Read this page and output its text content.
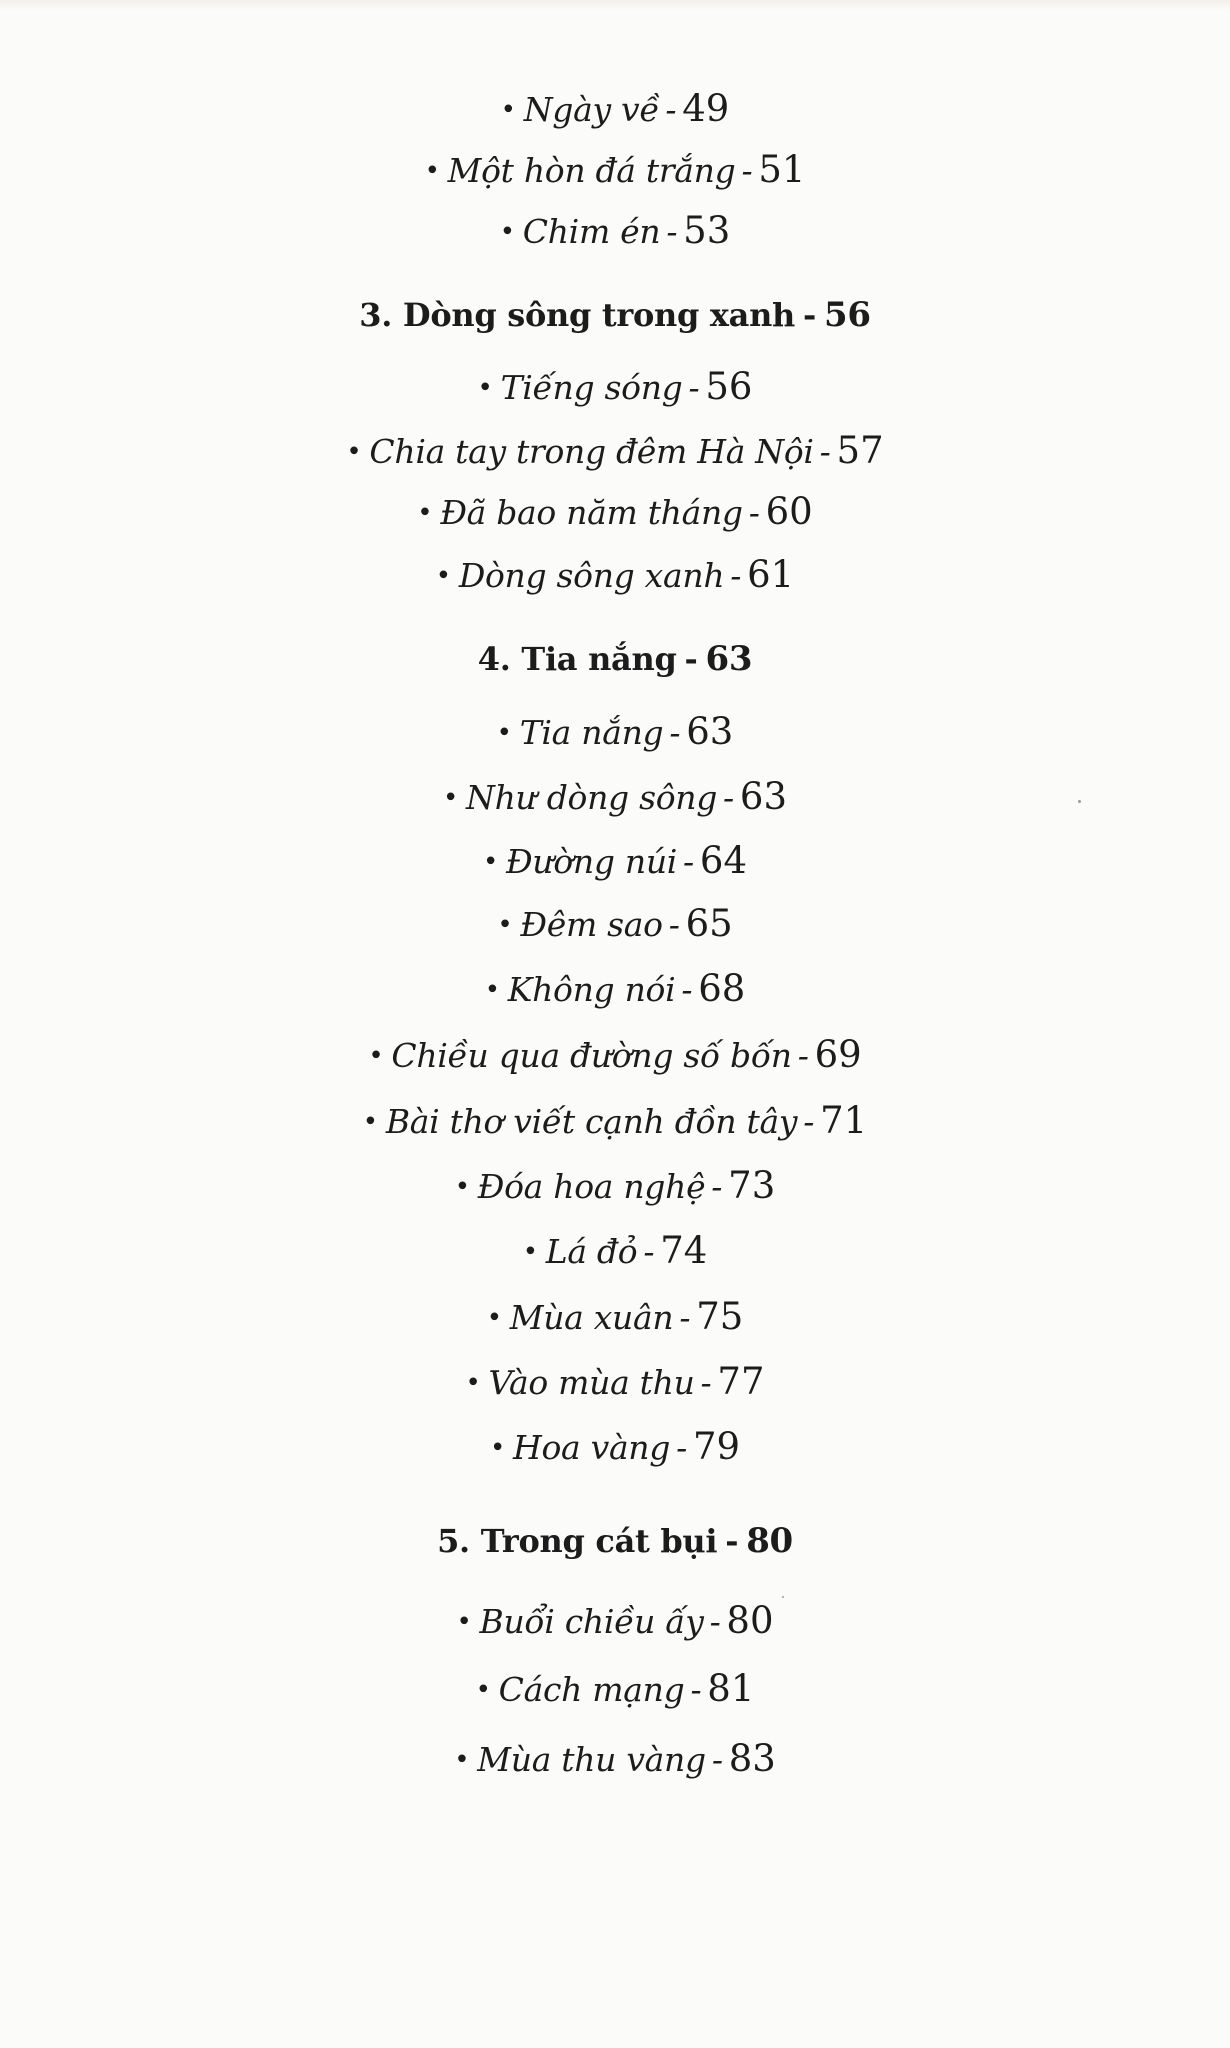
• Ngày về - 49
• Một hòn đá trắng - 51
• Chim én - 53
3. Dòng sông trong xanh - 56
• Tiếng sóng - 56
• Chia tay trong đêm Hà Nội - 57
• Đã bao năm tháng - 60
• Dòng sông xanh - 61
4. Tia nắng - 63
• Tia nắng - 63
• Như dòng sông - 63
• Đường núi - 64
• Đêm sao - 65
• Không nói - 68
• Chiều qua đường số bốn - 69
• Bài thơ viết cạnh đồn tây - 71
• Đóa hoa nghệ - 73
• Lá đỏ - 74
• Mùa xuân - 75
• Vào mùa thu - 77
• Hoa vàng - 79
5. Trong cát bụi - 80
• Buổi chiều ấy - 80
• Cách mạng - 81
• Mùa thu vàng - 83
